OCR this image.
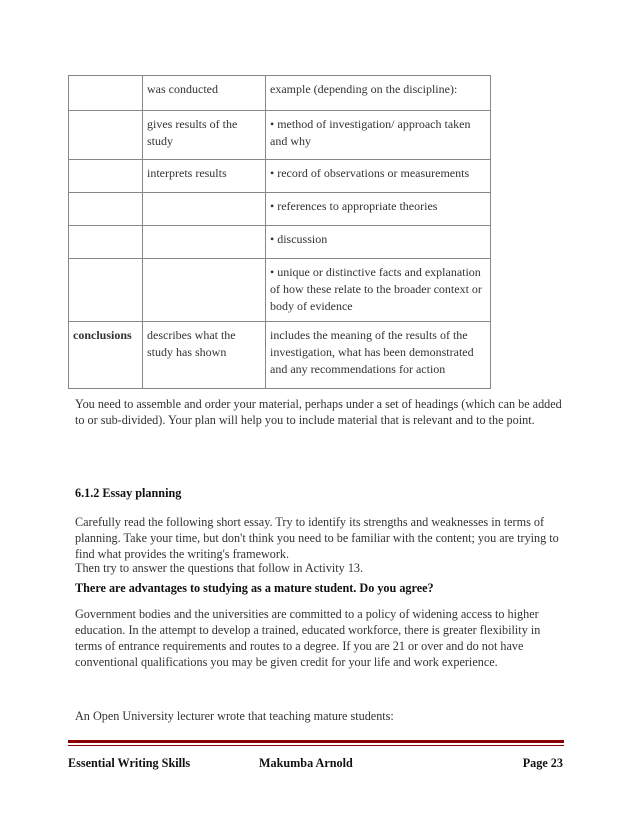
	was conducted	example (depending on the discipline):
	gives results of the study	• method of investigation/ approach taken and why
	interprets results	• record of observations or measurements
		• references to appropriate theories
		• discussion
		• unique or distinctive facts and explanation of how these relate to the broader context or body of evidence
conclusions	describes what the study has shown	includes the meaning of the results of the investigation, what has been demonstrated and any recommendations for action

You need to assemble and order your material, perhaps under a set of headings (which can be added to or sub-divided). Your plan will help you to include material that is relevant and to the point.

6.1.2 Essay planning

Carefully read the following short essay. Try to identify its strengths and weaknesses in terms of planning. Take your time, but don't think you need to be familiar with the content; you are trying to find what provides the writing's framework.

Then try to answer the questions that follow in Activity 13.

There are advantages to studying as a mature student. Do you agree?

Government bodies and the universities are committed to a policy of widening access to higher education. In the attempt to develop a trained, educated workforce, there is greater flexibility in terms of entrance requirements and routes to a degree. If you are 21 or over and do not have conventional qualifications you may be given credit for your life and work experience.

An Open University lecturer wrote that teaching mature students:

Essential Writing Skills	Makumba Arnold	Page 23
